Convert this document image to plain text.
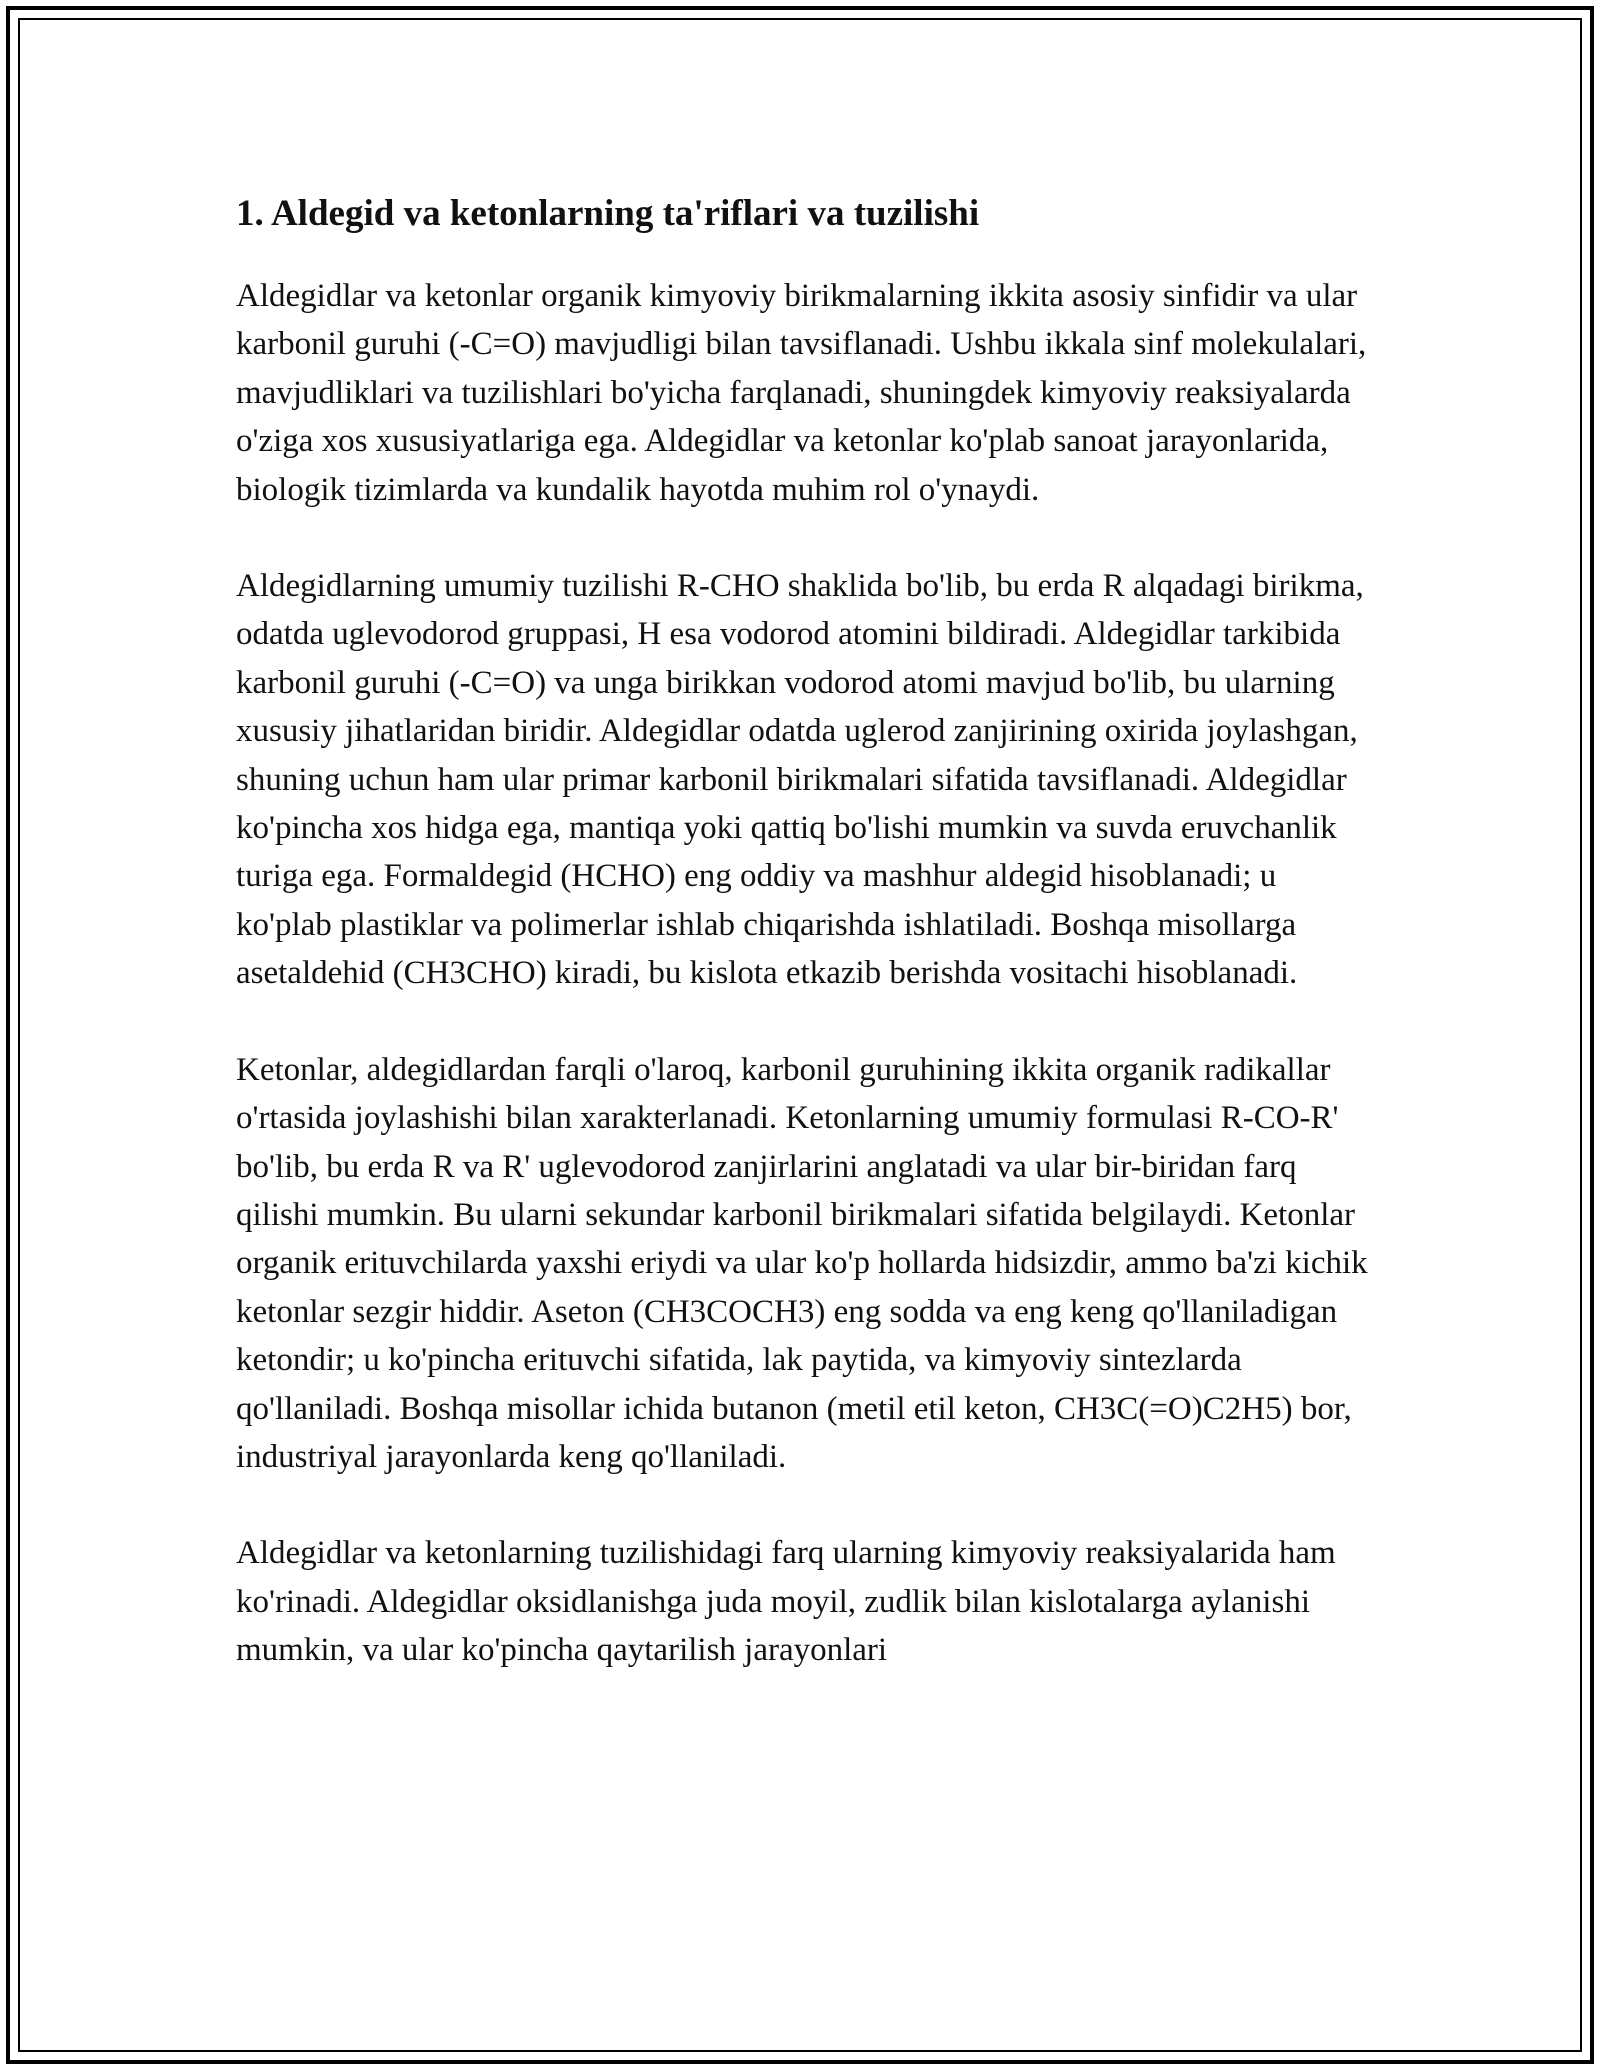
1. Aldegid va ketonlarning ta'riflari va tuzilishi

Aldegidlar va ketonlar organik kimyoviy birikmalarning ikkita asosiy sinfidir va ular karbonil guruhi (-C=O) mavjudligi bilan tavsiflanadi. Ushbu ikkala sinf molekulalari, mavjudliklari va tuzilishlari bo'yicha farqlanadi, shuningdek kimyoviy reaksiyalarda o'ziga xos xususiyatlariga ega. Aldegidlar va ketonlar ko'plab sanoat jarayonlarida, biologik tizimlarda va kundalik hayotda muhim rol o'ynaydi.

Aldegidlarning umumiy tuzilishi R-CHO shaklida bo'lib, bu erda R alqadagi birikma, odatda uglevodorod gruppasi, H esa vodorod atomini bildiradi. Aldegidlar tarkibida karbonil guruhi (-C=O) va unga birikkan vodorod atomi mavjud bo'lib, bu ularning xususiy jihatlaridan biridir. Aldegidlar odatda uglerod zanjirining oxirida joylashgan, shuning uchun ham ular primar karbonil birikmalari sifatida tavsiflanadi. Aldegidlar ko'pincha xos hidga ega, mantiqa yoki qattiq bo'lishi mumkin va suvda eruvchanlik turiga ega. Formaldegid (HCHO) eng oddiy va mashhur aldegid hisoblanadi; u ko'plab plastiklar va polimerlar ishlab chiqarishda ishlatiladi. Boshqa misollarga asetaldehid (CH3CHO) kiradi, bu kislota etkazib berishda vositachi hisoblanadi.

Ketonlar, aldegidlardan farqli o'laroq, karbonil guruhining ikkita organik radikallar o'rtasida joylashishi bilan xarakterlanadi. Ketonlarning umumiy formulasi R-CO-R' bo'lib, bu erda R va R' uglevodorod zanjirlarini anglatadi va ular bir-biridan farq qilishi mumkin. Bu ularni sekundar karbonil birikmalari sifatida belgilaydi. Ketonlar organik erituvchilarda yaxshi eriydi va ular ko'p hollarda hidsizdir, ammo ba'zi kichik ketonlar sezgir hiddir. Aseton (CH3COCH3) eng sodda va eng keng qo'llaniladigan ketondir; u ko'pincha erituvchi sifatida, lak paytida, va kimyoviy sintezlarda qo'llaniladi. Boshqa misollar ichida butanon (metil etil keton, CH3C(=O)C2H5) bor, industriyal jarayonlarda keng qo'llaniladi.

Aldegidlar va ketonlarning tuzilishidagi farq ularning kimyoviy reaksiyalarida ham ko'rinadi. Aldegidlar oksidlanishga juda moyil, zudlik bilan kislotalarga aylanishi mumkin, va ular ko'pincha qaytarilish jarayonlari
